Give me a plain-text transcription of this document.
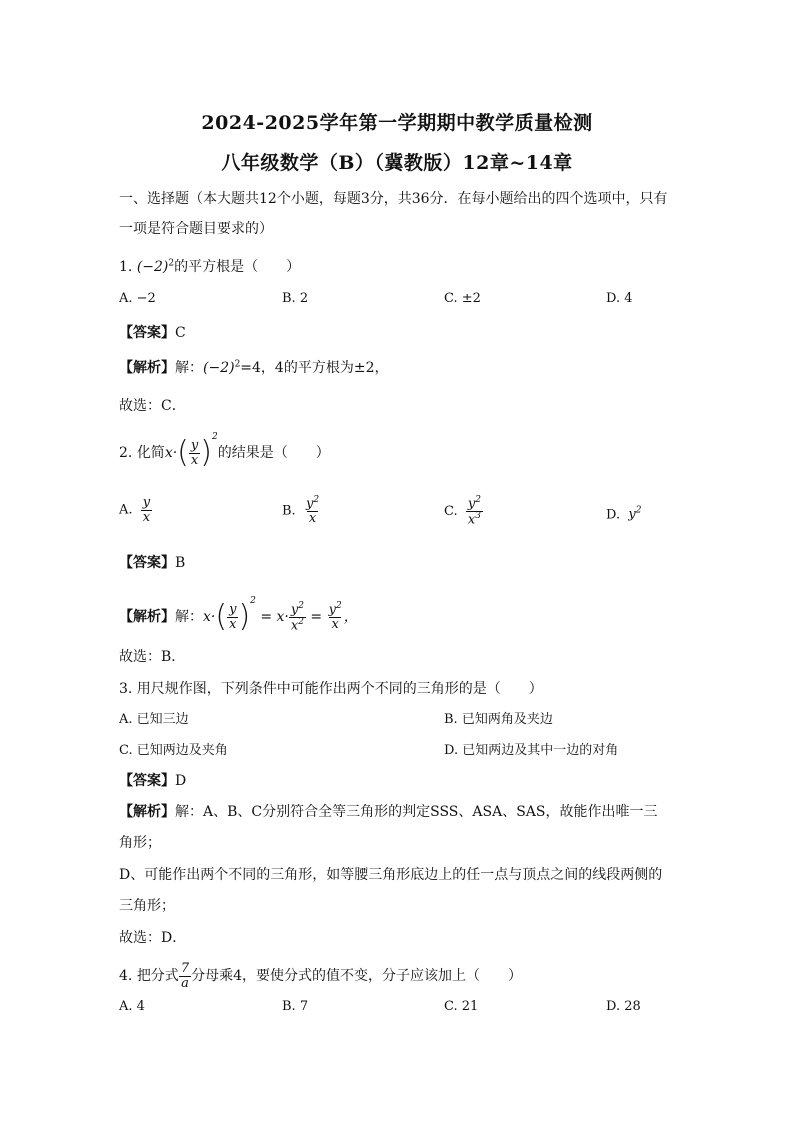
2024-2025学年第一学期期中教学质量检测
八年级数学（B）（冀教版）12章~14章
一、选择题（本大题共12个小题，每题3分，共36分．在每小题给出的四个选项中，只有
一项是符合题目要求的）
1. $(-2)^2$的平方根是（　　）
A. −2	B. 2	C. ±2	D. 4
【答案】C
【解析】解：$(-2)^2=4$，4的平方根为±2，
故选：C．
2. 化简$x\cdot( \frac{y}{x} )^2$的结果是（　　）
A. $\frac{y}{x}$	B. $\frac{y^2}{x}$	C. $\frac{y^2}{x^3}$	D. $y^2$
【答案】B
【解析】解：$x\cdot( \frac{y}{x} )^2 = x\cdot \frac{y^2}{x^2} = \frac{y^2}{x}$ ，
故选：B．
3. 用尺规作图，下列条件中可能作出两个不同的三角形的是（　　）
A. 已知三边	B. 已知两角及夹边
C. 已知两边及夹角	D. 已知两边及其中一边的对角
【答案】D
【解析】解：A、B、C分别符合全等三角形的判定SSS、ASA、SAS，故能作出唯一三
角形；
D、可能作出两个不同的三角形，如等腰三角形底边上的任一点与顶点之间的线段两侧的
三角形；
故选：D．
4. 把分式 $\frac{7}{a}$ 分母乘4，要使分式的值不变，分子应该加上（　　）
A. 4	B. 7	C. 21	D. 28
